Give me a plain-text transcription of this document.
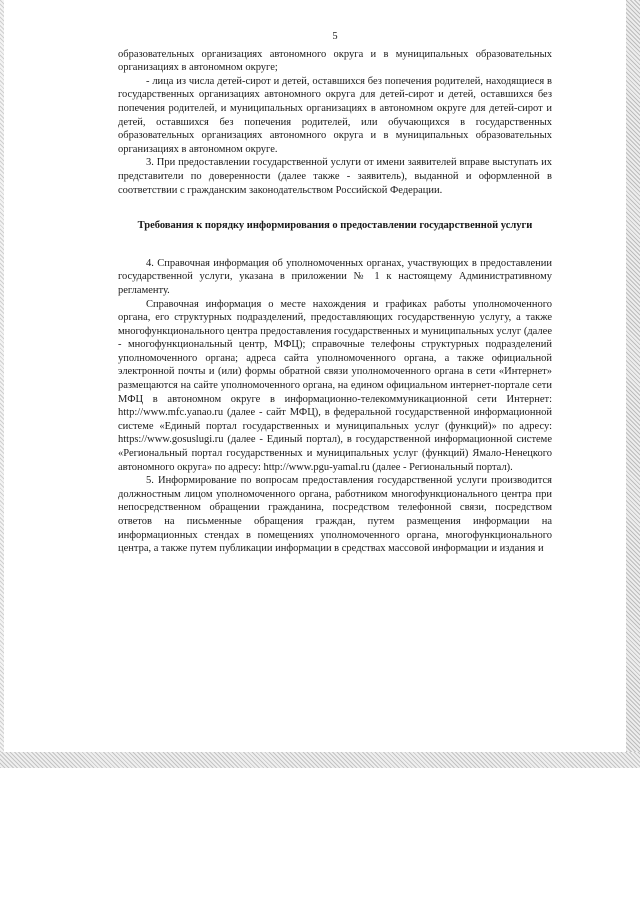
5

образовательных организациях автономного округа и в муниципальных образовательных организациях в автономном округе;

- лица из числа детей-сирот и детей, оставшихся без попечения родителей, находящиеся в государственных организациях автономного округа для детей-сирот и детей, оставшихся без попечения родителей, и муниципальных организациях в автономном округе для детей-сирот и детей, оставшихся без попечения родителей, или обучающихся в государственных образовательных организациях автономного округа и в муниципальных образовательных организациях в автономном округе.

3. При предоставлении государственной услуги от имени заявителей вправе выступать их представители по доверенности (далее также - заявитель), выданной и оформленной в соответствии с гражданским законодательством Российской Федерации.

Требования к порядку информирования о предоставлении государственной услуги

4. Справочная информация об уполномоченных органах, участвующих в предоставлении государственной услуги, указана в приложении № 1 к настоящему Административному регламенту.

Справочная информация о месте нахождения и графиках работы уполномоченного органа, его структурных подразделений, предоставляющих государственную услугу, а также многофункционального центра предоставления государственных и муниципальных услуг (далее - многофункциональный центр, МФЦ); справочные телефоны структурных подразделений уполномоченного органа; адреса сайта уполномоченного органа, а также официальной электронной почты и (или) формы обратной связи уполномоченного органа в сети «Интернет» размещаются на сайте уполномоченного органа, на едином официальном интернет-портале сети МФЦ в автономном округе в информационно-телекоммуникационной сети Интернет: http://www.mfc.yanao.ru (далее - сайт МФЦ), в федеральной государственной информационной системе «Единый портал государственных и муниципальных услуг (функций)» по адресу: https://www.gosuslugi.ru (далее - Единый портал), в государственной информационной системе «Региональный портал государственных и муниципальных услуг (функций) Ямало-Ненецкого автономного округа» по адресу: http://www.pgu-yamal.ru (далее - Региональный портал).

5. Информирование по вопросам предоставления государственной услуги производится должностным лицом уполномоченного органа, работником многофункционального центра при непосредственном обращении гражданина, посредством телефонной связи, посредством ответов на письменные обращения граждан, путем размещения информации на информационных стендах в помещениях уполномоченного органа, многофункционального центра, а также путем публикации информации в средствах массовой информации и издания и
